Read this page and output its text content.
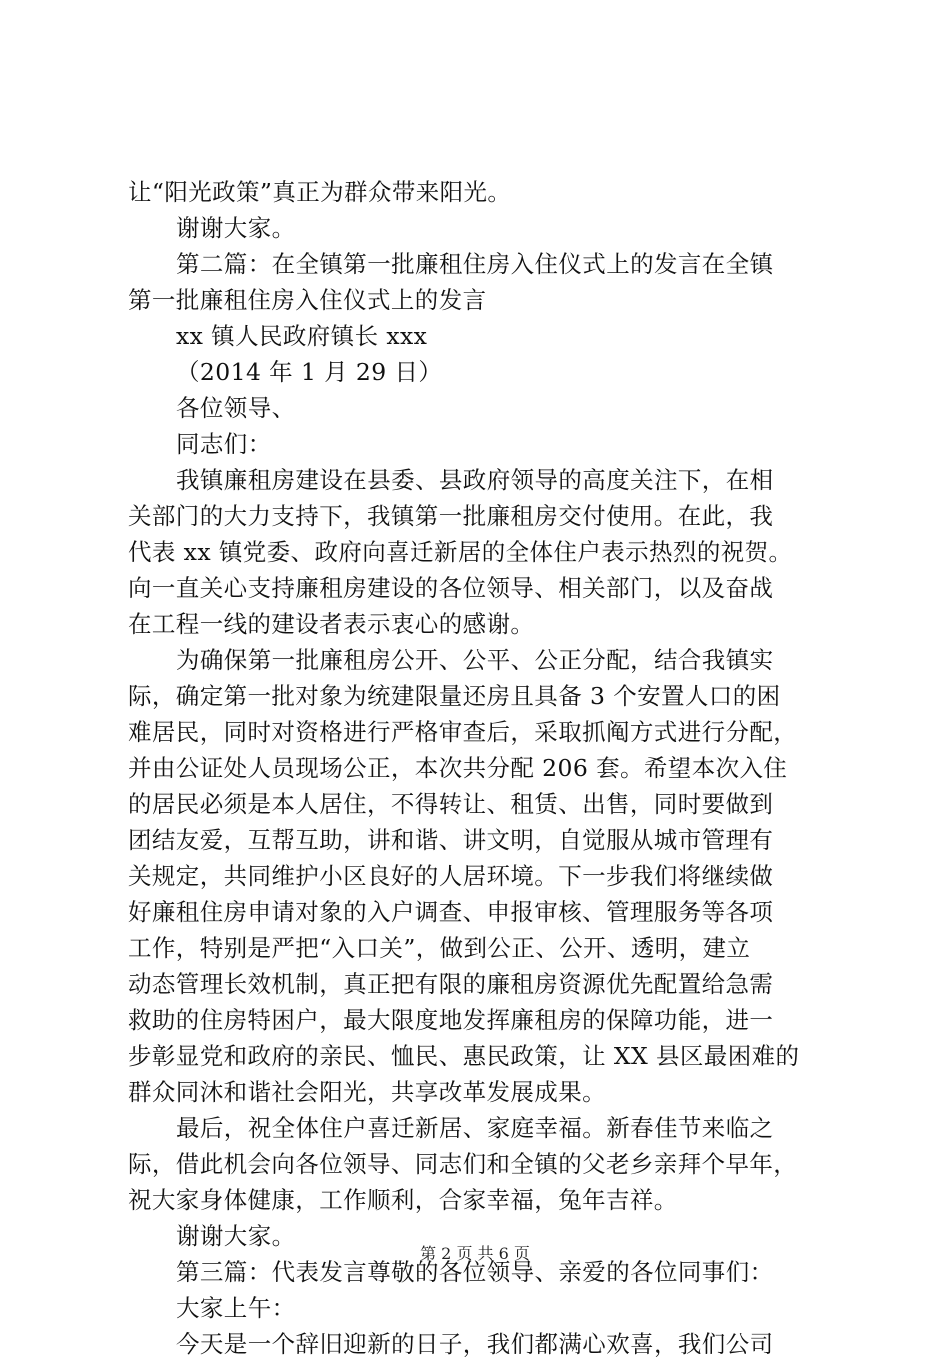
让“阳光政策”真正为群众带来阳光。
谢谢大家。
第二篇：在全镇第一批廉租住房入住仪式上的发言在全镇
第一批廉租住房入住仪式上的发言
xx 镇人民政府镇长 xxx
（2014 年 1 月 29 日）
各位领导、
同志们：
我镇廉租房建设在县委、县政府领导的高度关注下，在相
关部门的大力支持下，我镇第一批廉租房交付使用。在此，我
代表 xx 镇党委、政府向喜迁新居的全体住户表示热烈的祝贺。
向一直关心支持廉租房建设的各位领导、相关部门，以及奋战
在工程一线的建设者表示衷心的感谢。
为确保第一批廉租房公开、公平、公正分配，结合我镇实
际，确定第一批对象为统建限量还房且具备 3 个安置人口的困
难居民，同时对资格进行严格审查后，采取抓阄方式进行分配，
并由公证处人员现场公正，本次共分配 206 套。希望本次入住
的居民必须是本人居住，不得转让、租赁、出售，同时要做到
团结友爱，互帮互助，讲和谐、讲文明，自觉服从城市管理有
关规定，共同维护小区良好的人居环境。下一步我们将继续做
好廉租住房申请对象的入户调查、申报审核、管理服务等各项
工作，特别是严把“入口关”，做到公正、公开、透明，建立
动态管理长效机制，真正把有限的廉租房资源优先配置给急需
救助的住房特困户，最大限度地发挥廉租房的保障功能，进一
步彰显党和政府的亲民、恤民、惠民政策，让 XX 县区最困难的
群众同沐和谐社会阳光，共享改革发展成果。
最后，祝全体住户喜迁新居、家庭幸福。新春佳节来临之
际，借此机会向各位领导、同志们和全镇的父老乡亲拜个早年，
祝大家身体健康，工作顺利，合家幸福，兔年吉祥。
谢谢大家。
第三篇：代表发言尊敬的各位领导、亲爱的各位同事们：
大家上午：
今天是一个辞旧迎新的日子，我们都满心欢喜，我们公司
第 2 页 共 6 页
